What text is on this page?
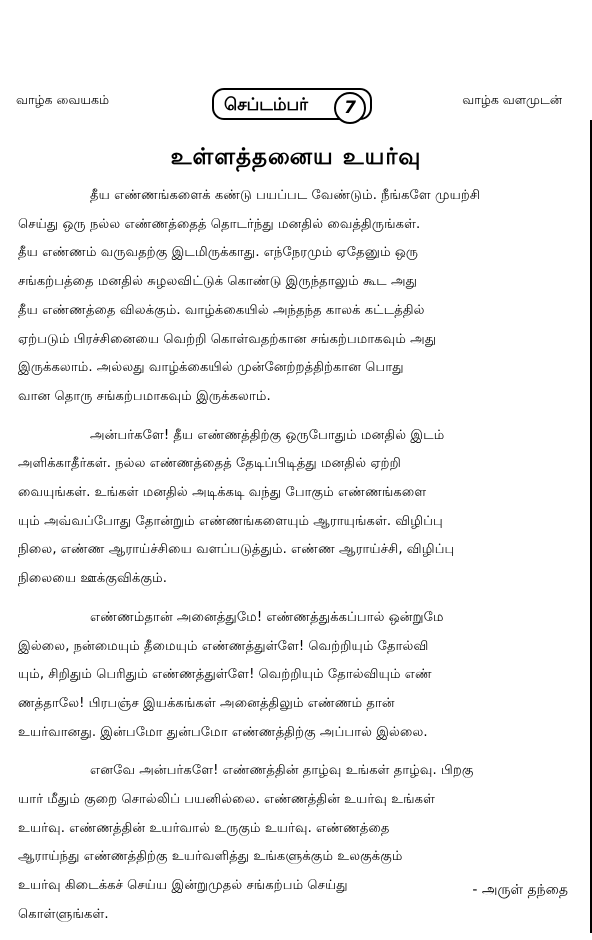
வாழ்க வையகம்	செப்டம்பர்	7	வாழ்க வளமுடன்
உள்ளத்தனைய உயர்வு

தீய எண்ணங்களைக் கண்டு பயப்பட வேண்டும். நீங்களே முயற்சி
செய்து ஒரு நல்ல எண்ணத்தைத் தொடர்ந்து மனதில் வைத்திருங்கள்.
தீய எண்ணம் வருவதற்கு இடமிருக்காது. எந்நேரமும் ஏதேனும் ஒரு
சங்கற்பத்தை மனதில் சுழலவிட்டுக் கொண்டு இருந்தாலும் கூட அது
தீய எண்ணத்தை விலக்கும். வாழ்க்கையில் அந்தந்த காலக் கட்டத்தில்
ஏற்படும் பிரச்சினையை வெற்றி கொள்வதற்கான சங்கற்பமாகவும் அது
இருக்கலாம். அல்லது வாழ்க்கையில் முன்னேற்றத்திற்கான பொது
வான தொரு சங்கற்பமாகவும் இருக்கலாம்.

அன்பர்களே! தீய எண்ணத்திற்கு ஒருபோதும் மனதில் இடம்
அளிக்காதீர்கள். நல்ல எண்ணத்தைத் தேடிப்பிடித்து மனதில் ஏற்றி
வையுங்கள். உங்கள் மனதில் அடிக்கடி வந்து போகும் எண்ணங்களை
யும் அவ்வப்போது தோன்றும் எண்ணங்களையும் ஆராயுங்கள். விழிப்பு
நிலை, எண்ண ஆராய்ச்சியை வளப்படுத்தும். எண்ண ஆராய்ச்சி, விழிப்பு
நிலையை ஊக்குவிக்கும்.

எண்ணம்தான் அனைத்துமே! எண்ணத்துக்கப்பால் ஒன்றுமே
இல்லை, நன்மையும் தீமையும் எண்ணத்துள்ளே! வெற்றியும் தோல்வி
யும், சிறிதும் பெரிதும் எண்ணத்துள்ளே! வெற்றியும் தோல்வியும் எண்
ணத்தாலே! பிரபஞ்ச இயக்கங்கள் அனைத்திலும் எண்ணம் தான்
உயர்வானது. இன்பமோ துன்பமோ எண்ணத்திற்கு அப்பால் இல்லை.

எனவே அன்பர்களே! எண்ணத்தின் தாழ்வு உங்கள் தாழ்வு. பிறகு
யார் மீதும் குறை சொல்லிப் பயனில்லை. எண்ணத்தின் உயர்வு உங்கள்
உயர்வு. எண்ணத்தின் உயர்வால் உருகும் உயர்வு. எண்ணத்தை
ஆராய்ந்து எண்ணத்திற்கு உயர்வளித்து உங்களுக்கும் உலகுக்கும்
உயர்வு கிடைக்கச் செய்ய இன்றுமுதல் சங்கற்பம் செய்து
கொள்ளுங்கள்.

- அருள் தந்தை
